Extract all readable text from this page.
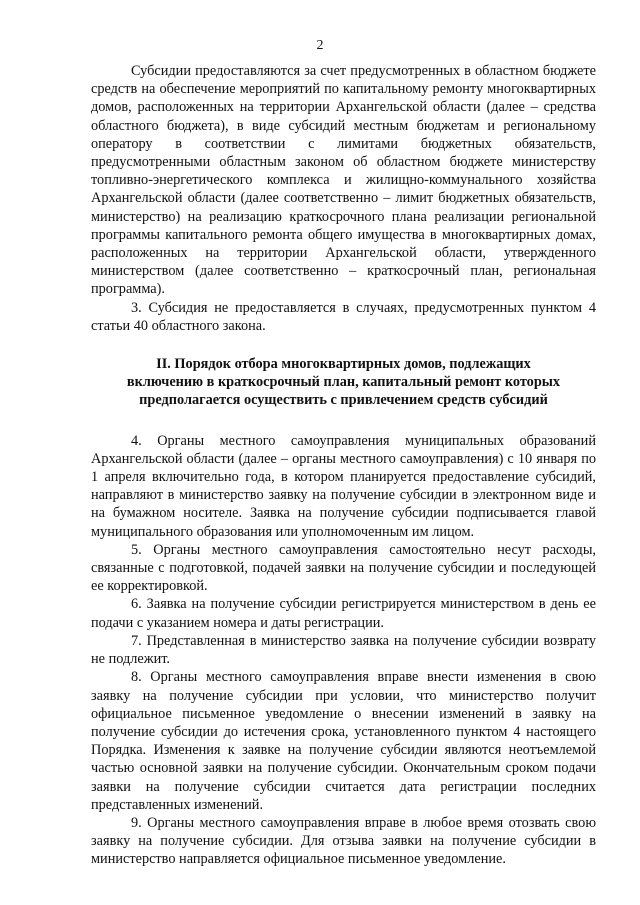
2

Субсидии предоставляются за счет предусмотренных в областном бюджете средств на обеспечение мероприятий по капитальному ремонту многоквартирных домов, расположенных на территории Архангельской области (далее – средства областного бюджета), в виде субсидий местным бюджетам и региональному оператору в соответствии с лимитами бюджетных обязательств, предусмотренными областным законом об областном бюджете министерству топливно-энергетического комплекса и жилищно-коммунального хозяйства Архангельской области (далее соответственно – лимит бюджетных обязательств, министерство) на реализацию краткосрочного плана реализации региональной программы капитального ремонта общего имущества в многоквартирных домах, расположенных на территории Архангельской области, утвержденного министерством (далее соответственно – краткосрочный план, региональная программа).

3. Субсидия не предоставляется в случаях, предусмотренных пунктом 4 статьи 40 областного закона.

II. Порядок отбора многоквартирных домов, подлежащих
включению в краткосрочный план, капитальный ремонт которых
предполагается осуществить с привлечением средств субсидий

4. Органы местного самоуправления муниципальных образований Архангельской области (далее – органы местного самоуправления) с 10 января по 1 апреля включительно года, в котором планируется предоставление субсидий, направляют в министерство заявку на получение субсидии в электронном виде и на бумажном носителе. Заявка на получение субсидии подписывается главой муниципального образования или уполномоченным им лицом.

5. Органы местного самоуправления самостоятельно несут расходы, связанные с подготовкой, подачей заявки на получение субсидии и последующей ее корректировкой.

6. Заявка на получение субсидии регистрируется министерством в день ее подачи с указанием номера и даты регистрации.

7. Представленная в министерство заявка на получение субсидии возврату не подлежит.

8. Органы местного самоуправления вправе внести изменения в свою заявку на получение субсидии при условии, что министерство получит официальное письменное уведомление о внесении изменений в заявку на получение субсидии до истечения срока, установленного пунктом 4 настоящего Порядка. Изменения к заявке на получение субсидии являются неотъемлемой частью основной заявки на получение субсидии. Окончательным сроком подачи заявки на получение субсидии считается дата регистрации последних представленных изменений.

9. Органы местного самоуправления вправе в любое время отозвать свою заявку на получение субсидии. Для отзыва заявки на получение субсидии в министерство направляется официальное письменное уведомление.
